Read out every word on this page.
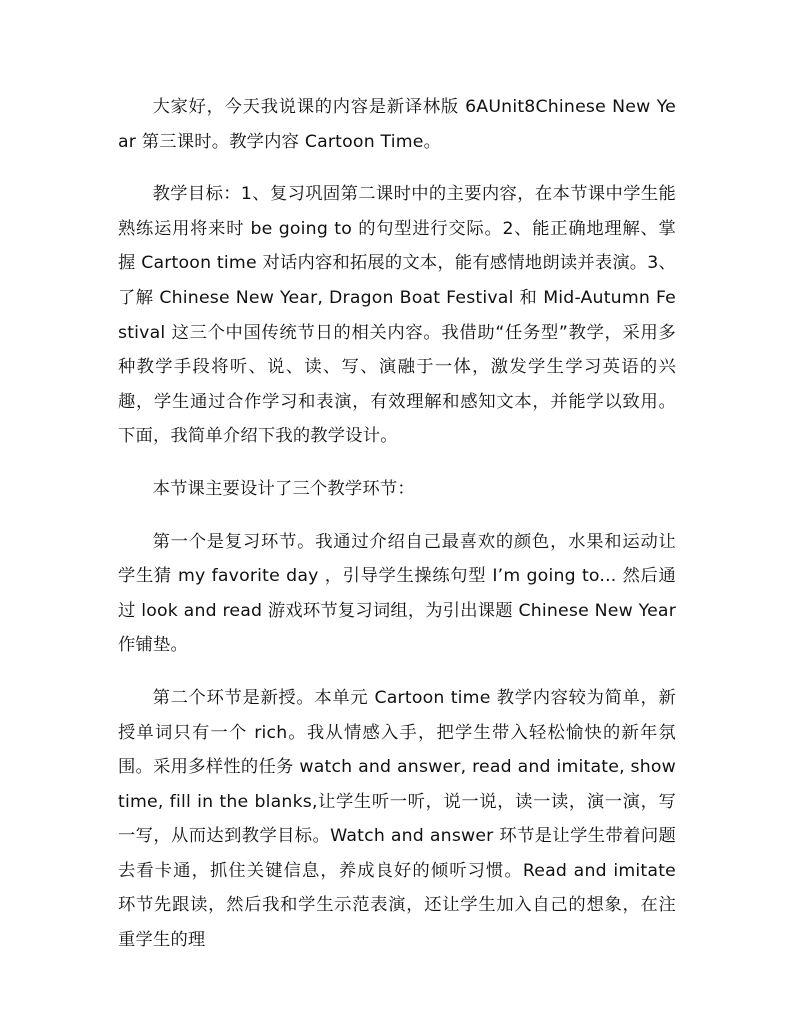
大家好，今天我说课的内容是新译林版 6AUnit8Chinese New Year 第三课时。教学内容 Cartoon Time。

教学目标：1、复习巩固第二课时中的主要内容，在本节课中学生能熟练运用将来时 be going to 的句型进行交际。2、能正确地理解、掌握 Cartoon time 对话内容和拓展的文本，能有感情地朗读并表演。3、了解 Chinese New Year, Dragon Boat Festival 和 Mid-Autumn Festival 这三个中国传统节日的相关内容。我借助“任务型”教学，采用多种教学手段将听、说、读、写、演融于一体，激发学生学习英语的兴趣，学生通过合作学习和表演，有效理解和感知文本，并能学以致用。下面，我简单介绍下我的教学设计。

本节课主要设计了三个教学环节：

第一个是复习环节。我通过介绍自己最喜欢的颜色，水果和运动让学生猜 my favorite day ，引导学生操练句型 I’m going to... 然后通过 look and read 游戏环节复习词组，为引出课题 Chinese New Year 作铺垫。

第二个环节是新授。本单元 Cartoon time 教学内容较为简单，新授单词只有一个 rich。我从情感入手，把学生带入轻松愉快的新年氛围。采用多样性的任务 watch and answer, read and imitate, show time, fill in the blanks,让学生听一听，说一说，读一读，演一演，写一写，从而达到教学目标。Watch and answer 环节是让学生带着问题去看卡通，抓住关键信息，养成良好的倾听习惯。Read and imitate 环节先跟读，然后我和学生示范表演，还让学生加入自己的想象，在注重学生的理
